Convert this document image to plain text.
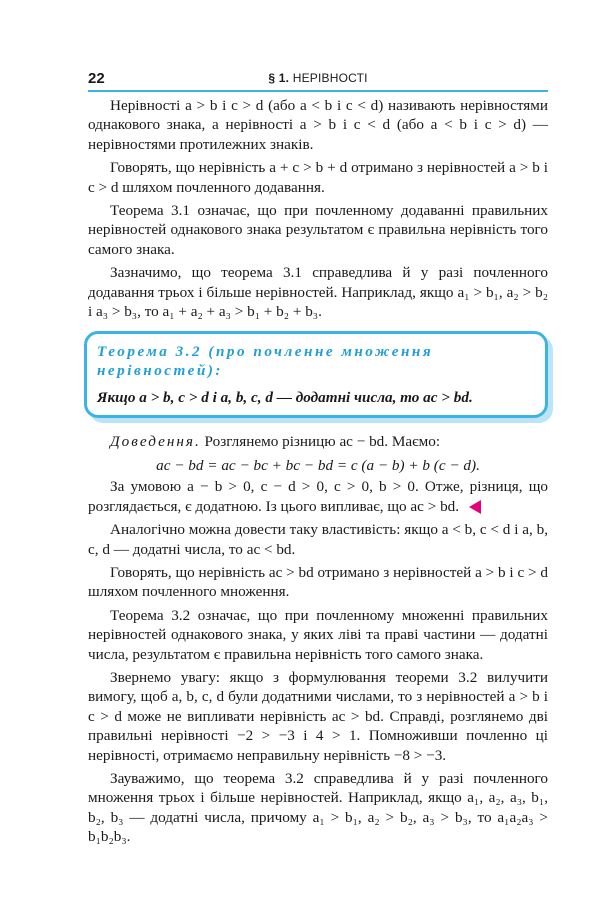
22	§ 1. НЕРІВНОСТІ

Нерівності a > b і c > d (або a < b і c < d) називають нерівностями однакового знака, а нерівності a > b і c < d (або a < b і c > d) — нерівностями протилежних знаків.

Говорять, що нерівність a + c > b + d отримано з нерівностей a > b і c > d шляхом почленного додавання.

Теорема 3.1 означає, що при почленному додаванні правильних нерівностей однакового знака результатом є правильна нерівність того самого знака.

Зазначимо, що теорема 3.1 справедлива й у разі почленного додавання трьох і більше нерівностей. Наприклад, якщо a₁ > b₁, a₂ > b₂ і a₃ > b₃, то a₁ + a₂ + a₃ > b₁ + b₂ + b₃.

Теорема 3.2 (про почленне множення нерівностей):
Якщо a > b, c > d і a, b, c, d — додатні числа, то ac > bd.

Доведення. Розглянемо різницю ac − bd. Маємо:

ac − bd = ac − bc + bc − bd = c (a − b) + b (c − d).

За умовою a − b > 0, c − d > 0, c > 0, b > 0. Отже, різниця, що розглядається, є додатною. Із цього випливає, що ac > bd.

Аналогічно можна довести таку властивість: якщо a < b, c < d і a, b, c, d — додатні числа, то ac < bd.

Говорять, що нерівність ac > bd отримано з нерівностей a > b і c > d шляхом почленного множення.

Теорема 3.2 означає, що при почленному множенні правильних нерівностей однакового знака, у яких ліві та праві частини — додатні числа, результатом є правильна нерівність того самого знака.

Звернемо увагу: якщо з формулювання теореми 3.2 вилучити вимогу, щоб a, b, c, d були додатними числами, то з нерівностей a > b і c > d може не випливати нерівність ac > bd. Справді, розглянемо дві правильні нерівності −2 > −3 і 4 > 1. Помноживши почленно ці нерівності, отримаємо неправильну нерівність −8 > −3.

Зауважимо, що теорема 3.2 справедлива й у разі почленного множення трьох і більше нерівностей. Наприклад, якщо a₁, a₂, a₃, b₁, b₂, b₃ — додатні числа, причому a₁ > b₁, a₂ > b₂, a₃ > b₃, то a₁a₂a₃ > b₁b₂b₃.
